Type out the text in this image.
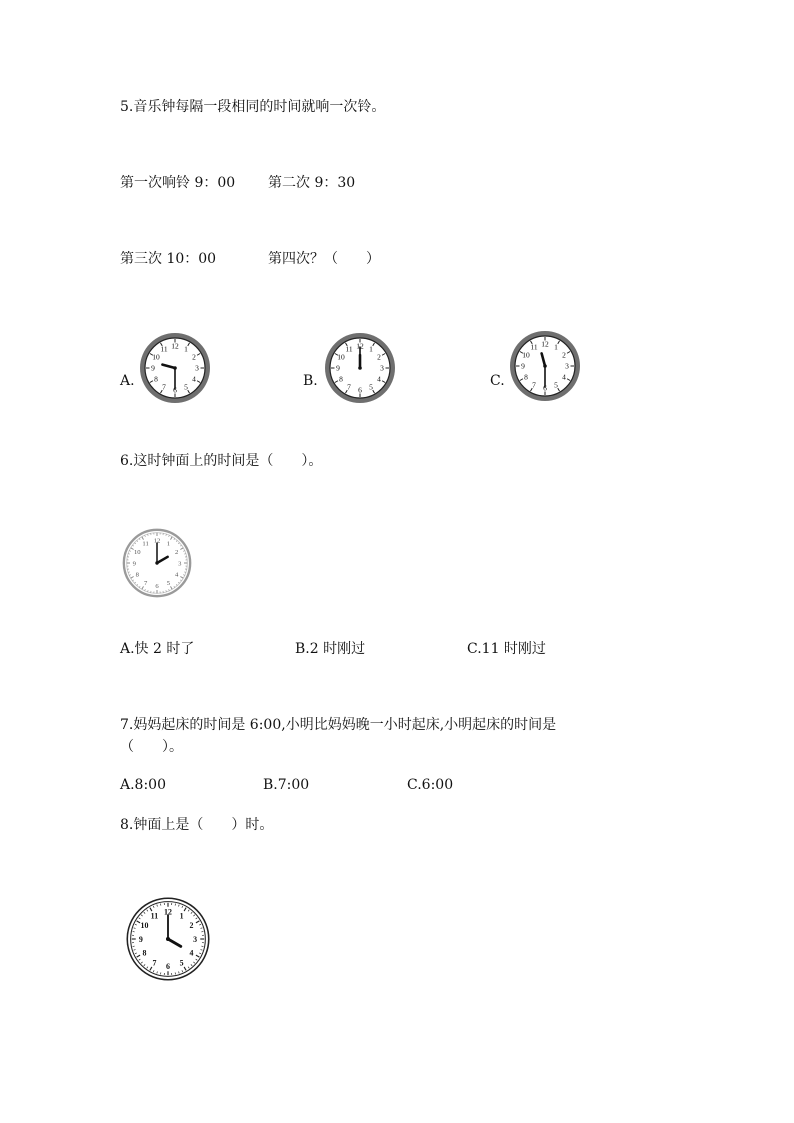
5.音乐钟每隔一段相同的时间就响一次铃。
第一次响铃 9：00 第二次 9：30
第三次 10：00	第四次？（　　）
A.
12 1
2
3
4
5
6
7
8
9
10
11
B.
12 1
2
3
4
5
6
7
8
9
10
11
C.
12 1
2
3
4
5
6
7
8
9
10
11
6.这时钟面上的时间是（　　）。
12 1
2
3
4
5
6
7
8
9
10
11
A.快 2 时了	B.2 时刚过	C.11 时刚过
7.妈妈起床的时间是 6:00,小明比妈妈晚一小时起床,小明起床的时间是
（　　）。
A.8:00	B.7:00	C.6:00
8.钟面上是（　　）时。
12 1
2
3
4
5
6
7
8
9
10
11
